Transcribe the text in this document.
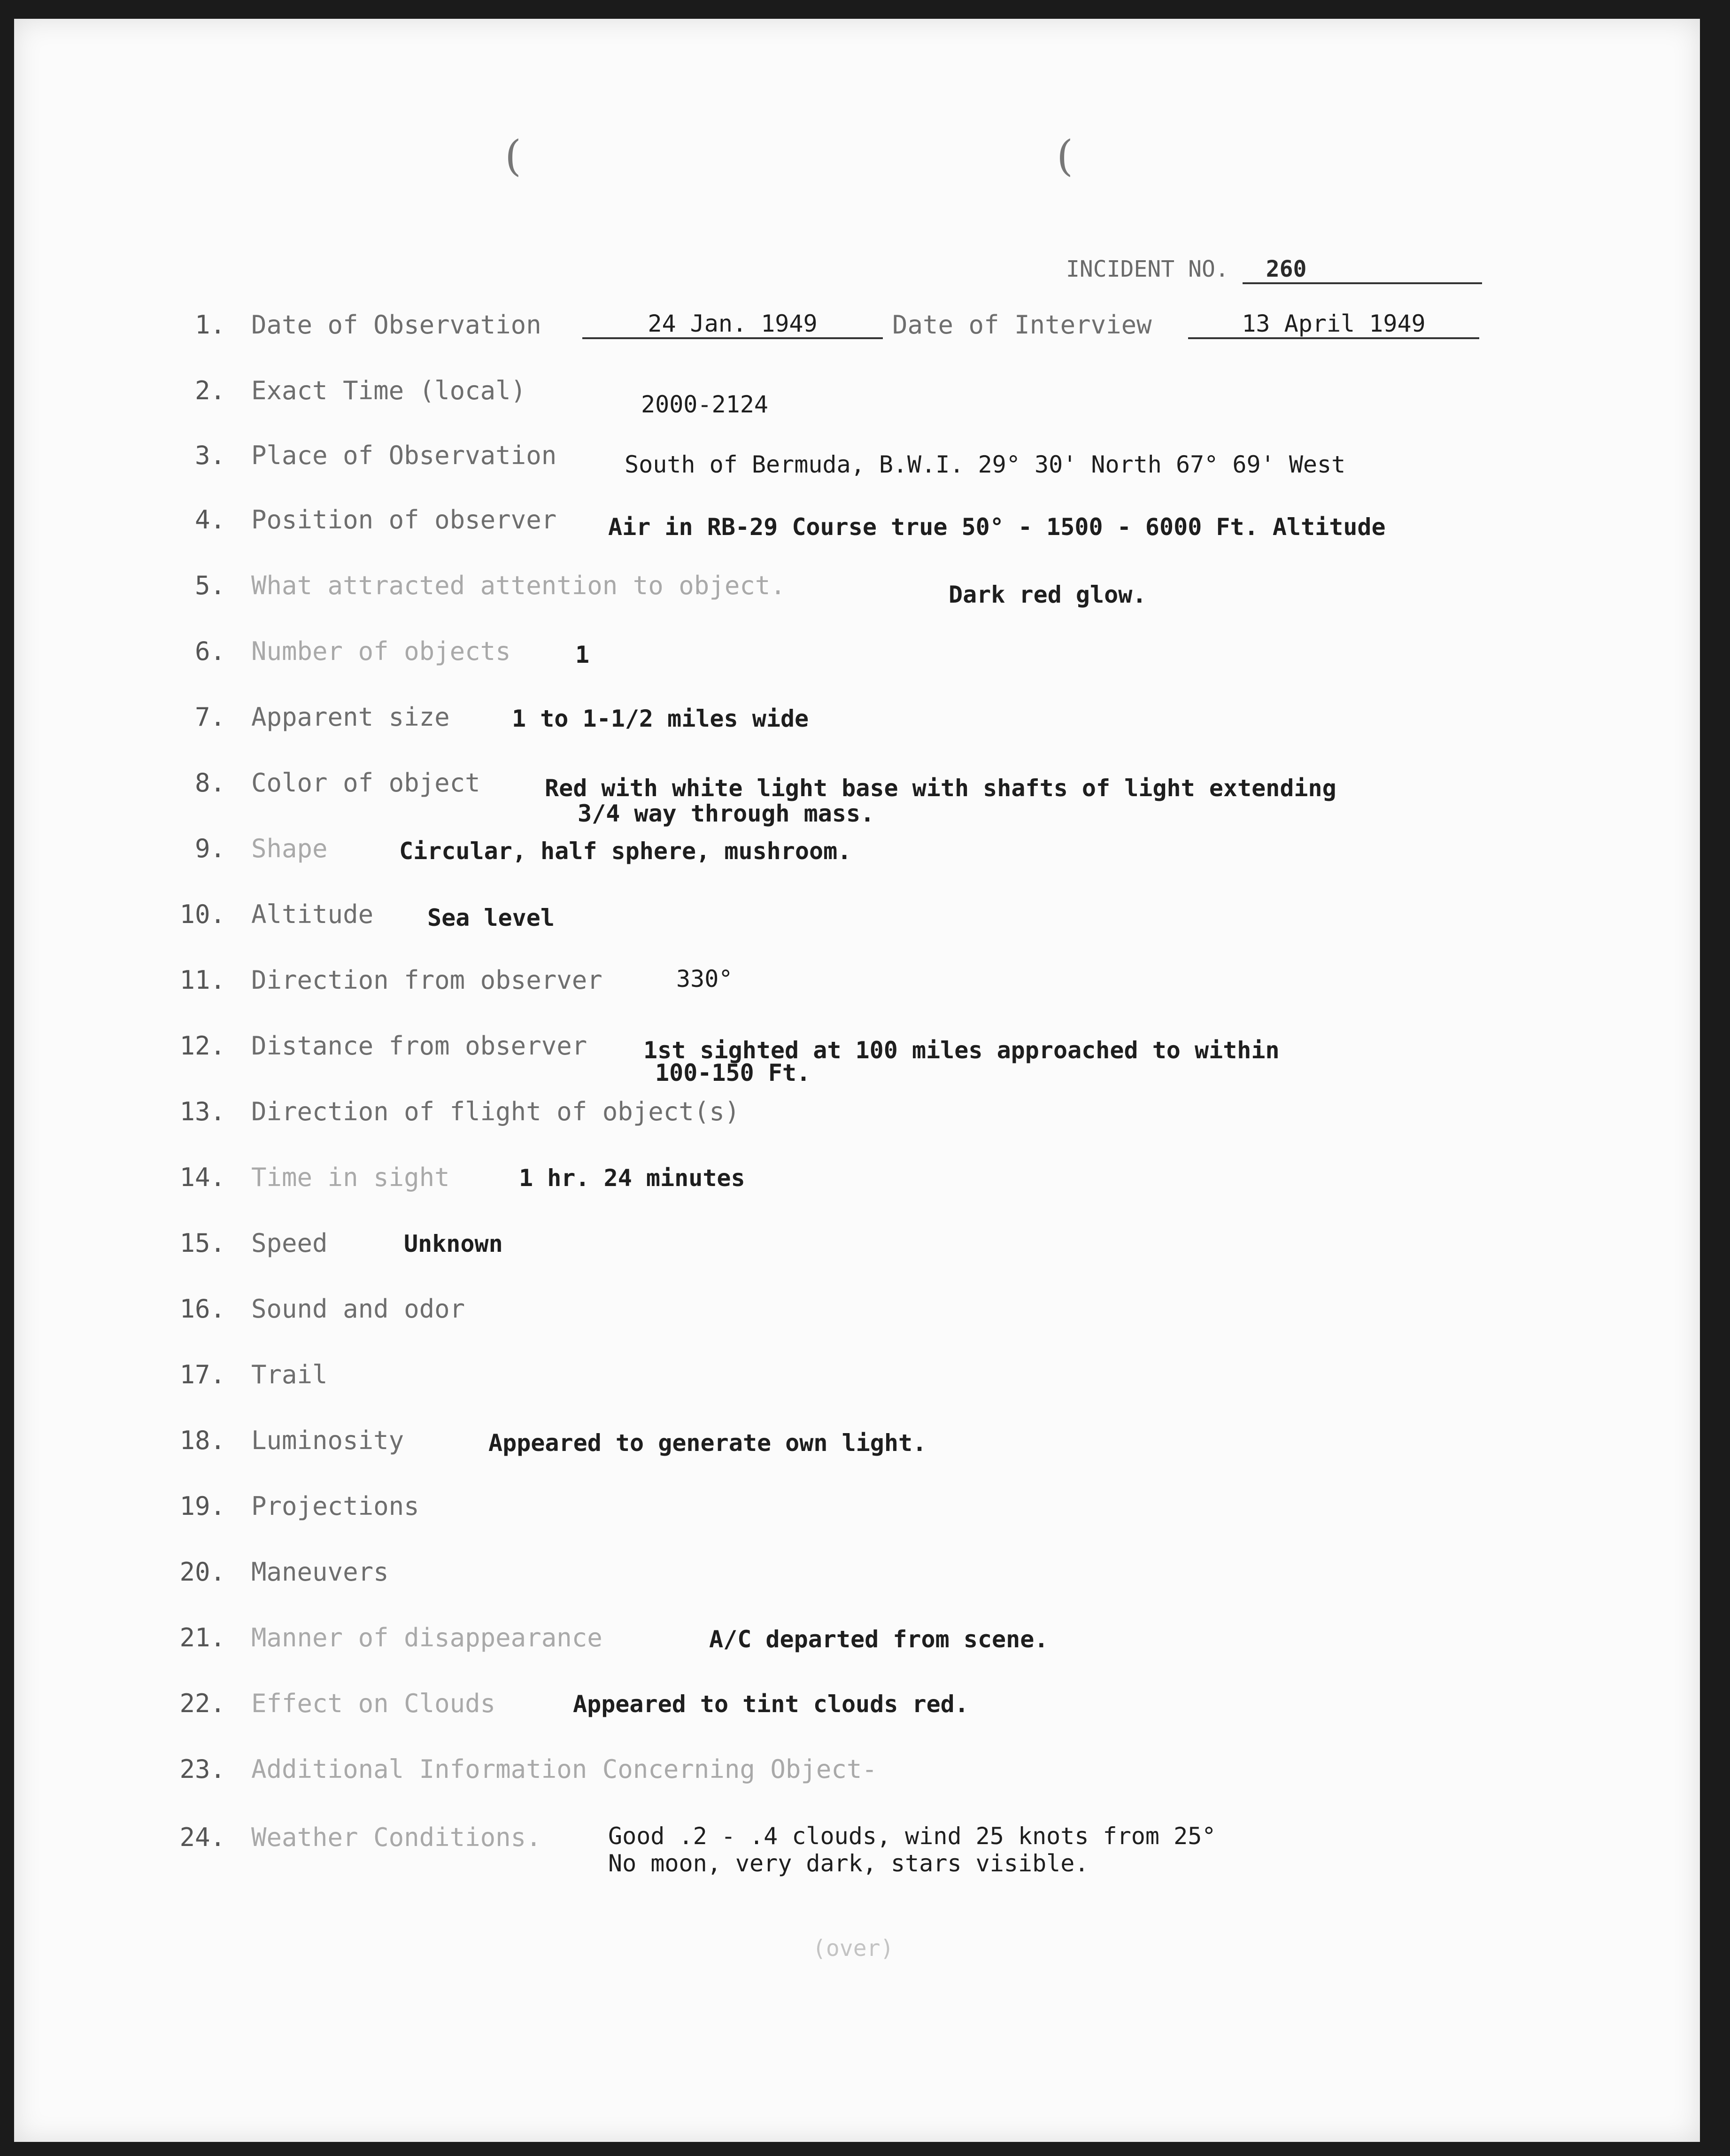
(	(
INCIDENT NO. 260
1. Date of Observation	24 Jan. 1949	Date of Interview	13 April 1949
2. Exact Time (local)	2000-2124
3. Place of Observation	South of Bermuda, B.W.I. 29° 30' North 67° 69' West
4. Position of observer Air in RB-29 Course true 50° - 1500 - 6000 Ft. Altitude
5. What attracted attention to object.	Dark red glow.
6. Number of objects	1
7. Apparent size	1 to 1-1/2 miles wide
8. Color of object	Red with white light base with shafts of light extending
3/4 way through mass.
9. Shape	Circular, half sphere, mushroom.
10. Altitude Sea level
11. Direction from observer	330°
12. Distance from observer 1st sighted at 100 miles approached to within
100-150 Ft.
13. Direction of flight of object(s)
14. Time in sight	1 hr. 24 minutes
15. Speed	Unknown
16. Sound and odor
17. Trail
18. Luminosity	Appeared to generate own light.
19. Projections
20. Maneuvers
21. Manner of disappearance	A/C departed from scene.
22. Effect on Clouds	Appeared to tint clouds red.
23. Additional Information Concerning Object-
24. Weather Conditions.	Good .2 - .4 clouds, wind 25 knots from 25°
No moon, very dark, stars visible.
(over)
